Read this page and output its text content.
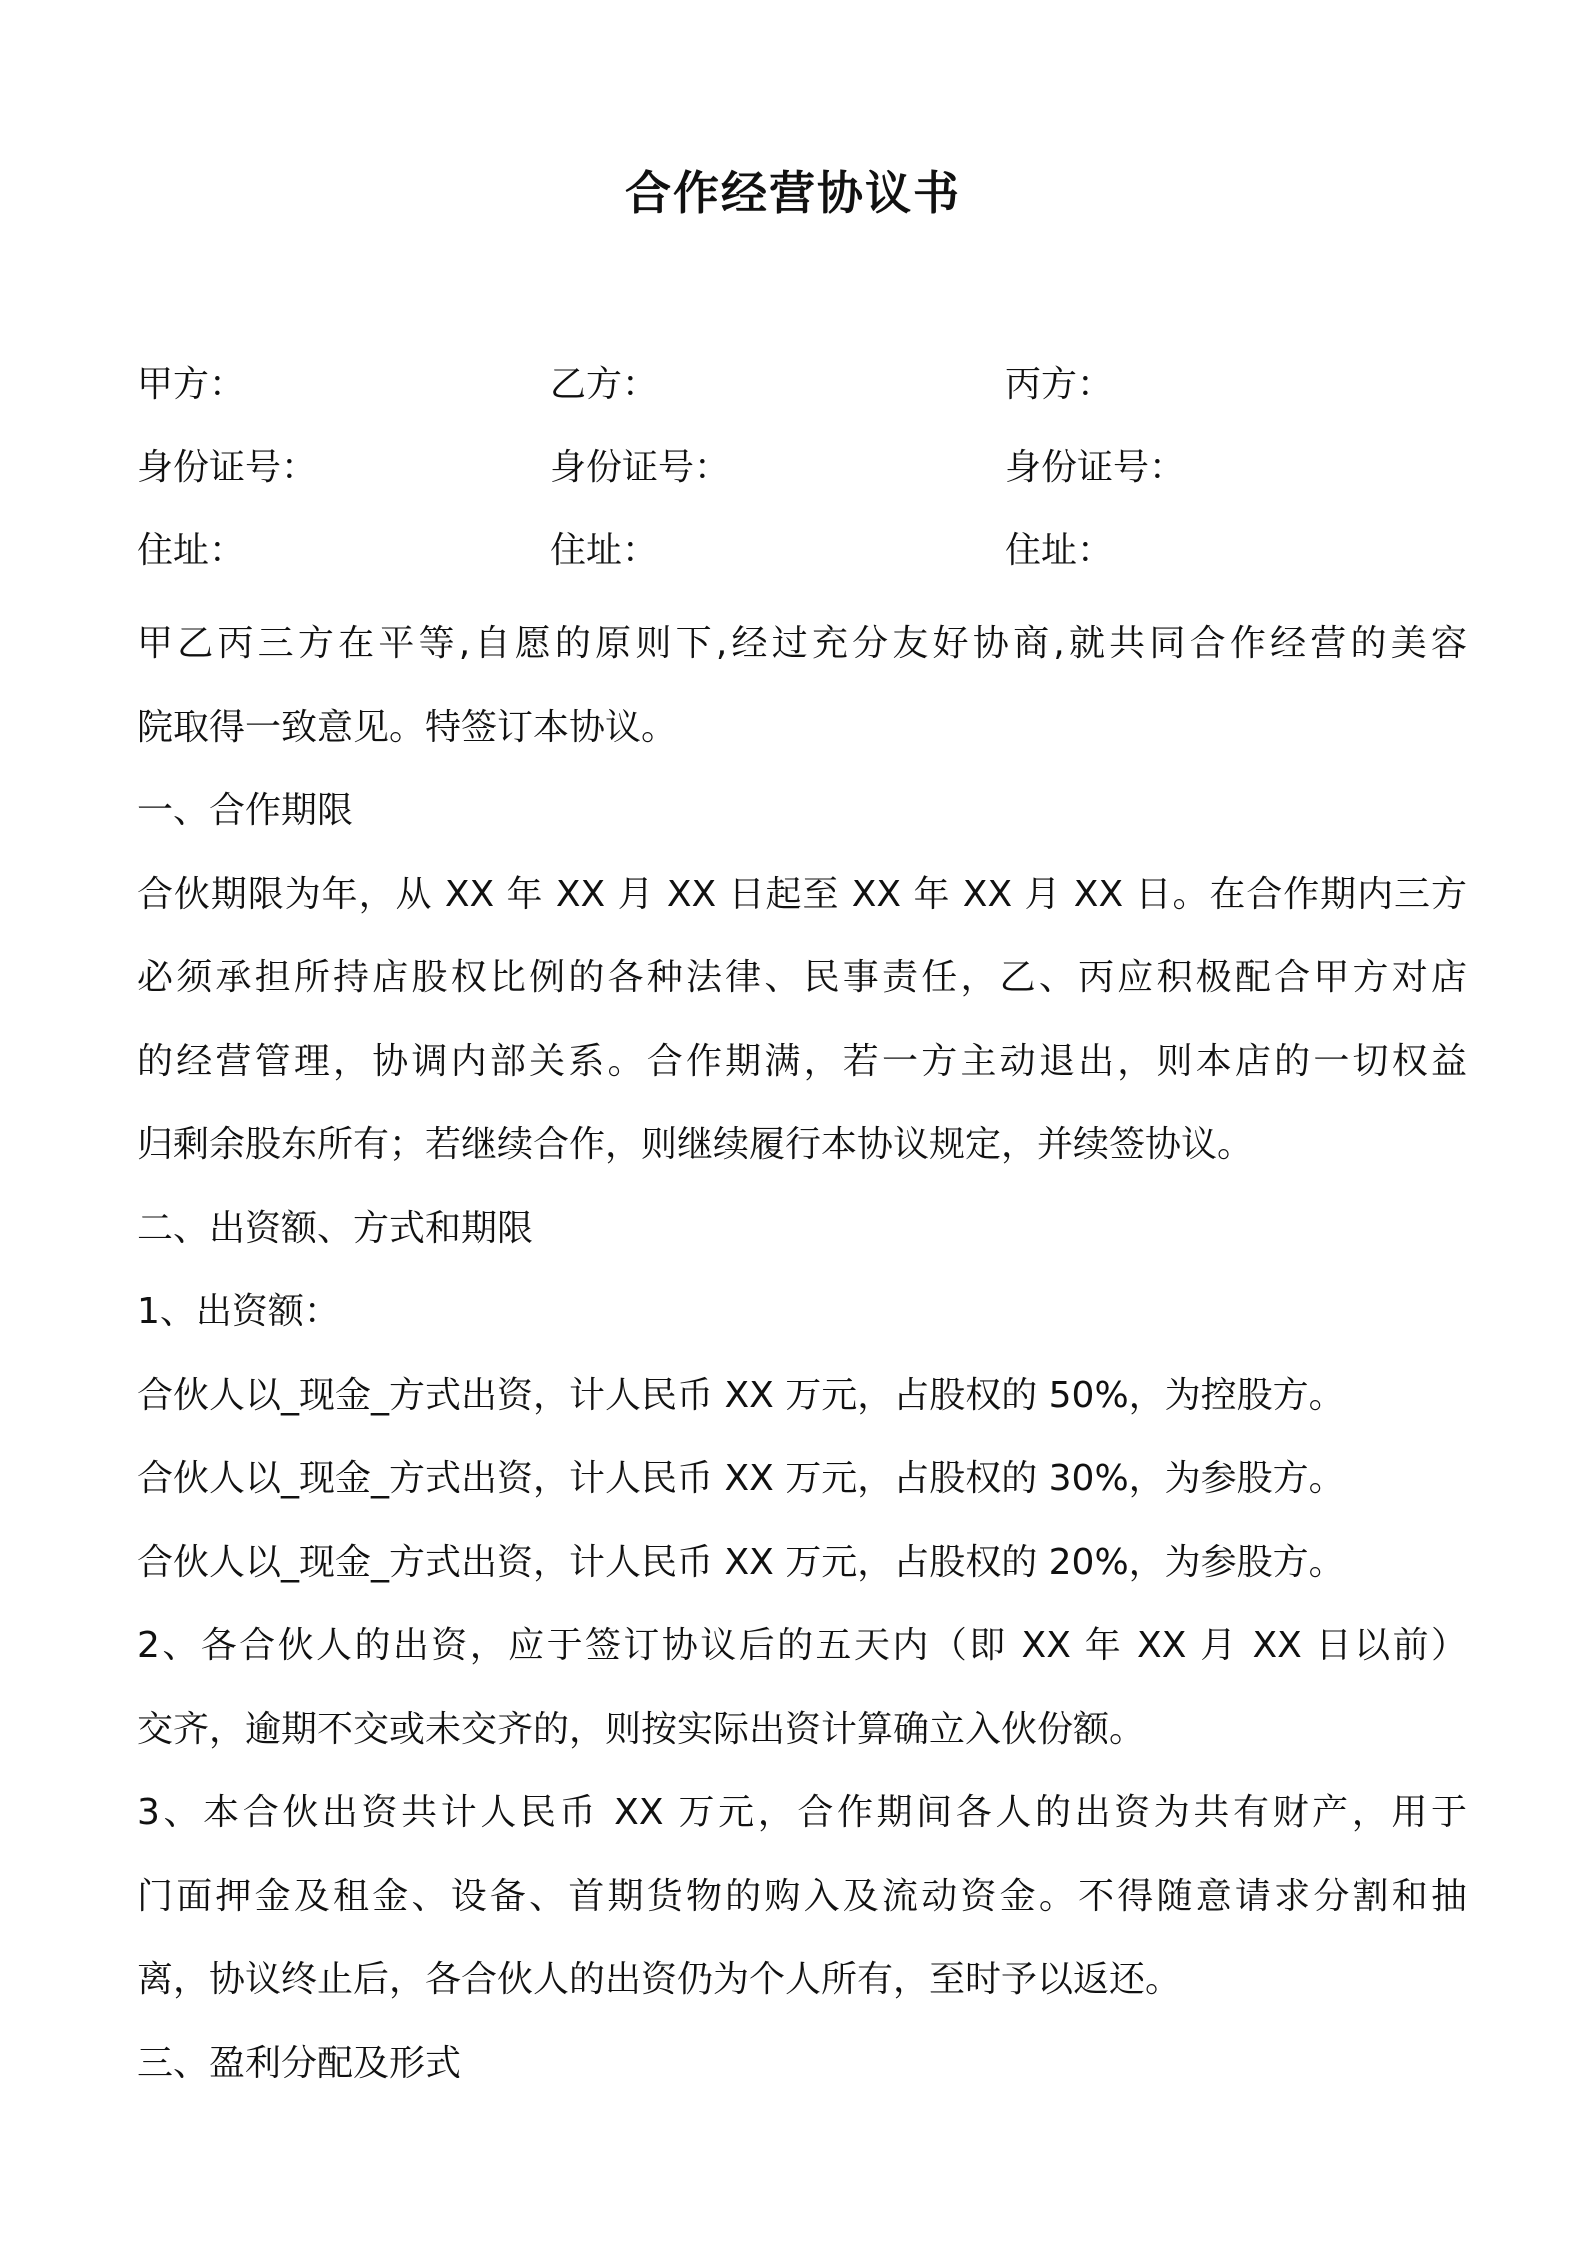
合作经营协议书
甲方：	乙方：	丙方：
身份证号：	身份证号：	身份证号：
住址：	住址：	住址：
甲乙丙三方在平等,自愿的原则下,经过充分友好协商,就共同合作经营的美容
院取得一致意见。特签订本协议。
一、合作期限
合伙期限为年，从 XX 年 XX 月 XX 日起至 XX 年 XX 月 XX 日。在合作期内三方
必须承担所持店股权比例的各种法律、民事责任，乙、丙应积极配合甲方对店
的经营管理，协调内部关系。合作期满，若一方主动退出，则本店的一切权益
归剩余股东所有；若继续合作，则继续履行本协议规定，并续签协议。
二、出资额、方式和期限
1、出资额：
合伙人以_现金_方式出资，计人民币 XX 万元，占股权的 50%，为控股方。
合伙人以_现金_方式出资，计人民币 XX 万元，占股权的 30%，为参股方。
合伙人以_现金_方式出资，计人民币 XX 万元，占股权的 20%，为参股方。
2、各合伙人的出资，应于签订协议后的五天内（即 XX 年 XX 月 XX 日以前）
交齐，逾期不交或未交齐的，则按实际出资计算确立入伙份额。
3、本合伙出资共计人民币 XX 万元，合作期间各人的出资为共有财产，用于
门面押金及租金、设备、首期货物的购入及流动资金。不得随意请求分割和抽
离，协议终止后，各合伙人的出资仍为个人所有，至时予以返还。
三、盈利分配及形式
